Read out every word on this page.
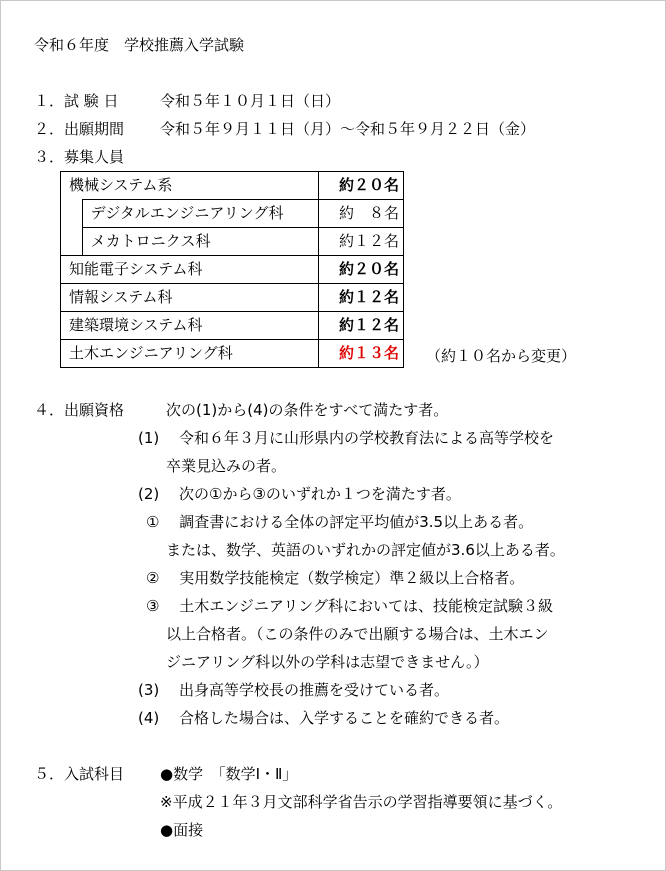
令和６年度　学校推薦入学試験
１．試 験 日	令和５年１０月１日（日）
２．出願期間 令和５年９月１１日（月）～令和５年９月２２日（金）
３．募集人員
機械システム系		約２０名
	デジタルエンジニアリング科	約　８名
	メカトロニクス科	約１２名
知能電子システム科		約２０名
情報システム科		約１２名
建築環境システム科		約１２名
土木エンジニアリング科		約１３名 （約１０名から変更）
４．出願資格	次の(1)から(4)の条件をすべて満たす者。
(1)　 令和６年３月に山形県内の学校教育法による高等学校を
卒業見込みの者。
(2)　 次の①から③のいずれか１つを満たす者。
①　 調査書における全体の評定平均値が3.5以上ある者。
または、数学、英語のいずれかの評定値が3.6以上ある者。
②　 実用数学技能検定（数学検定）準２級以上合格者。
③　 土木エンジニアリング科においては、技能検定試験３級
以上合格者。（この条件のみで出願する場合は、土木エン
ジニアリング科以外の学科は志望できません。）
(3)　 出身高等学校長の推薦を受けている者。
(4)　 合格した場合は、入学することを確約できる者。
５．入試科目 ●数学　「数学Ⅰ・Ⅱ」
※平成２１年３月文部科学省告示の学習指導要領に基づく。
●面接
